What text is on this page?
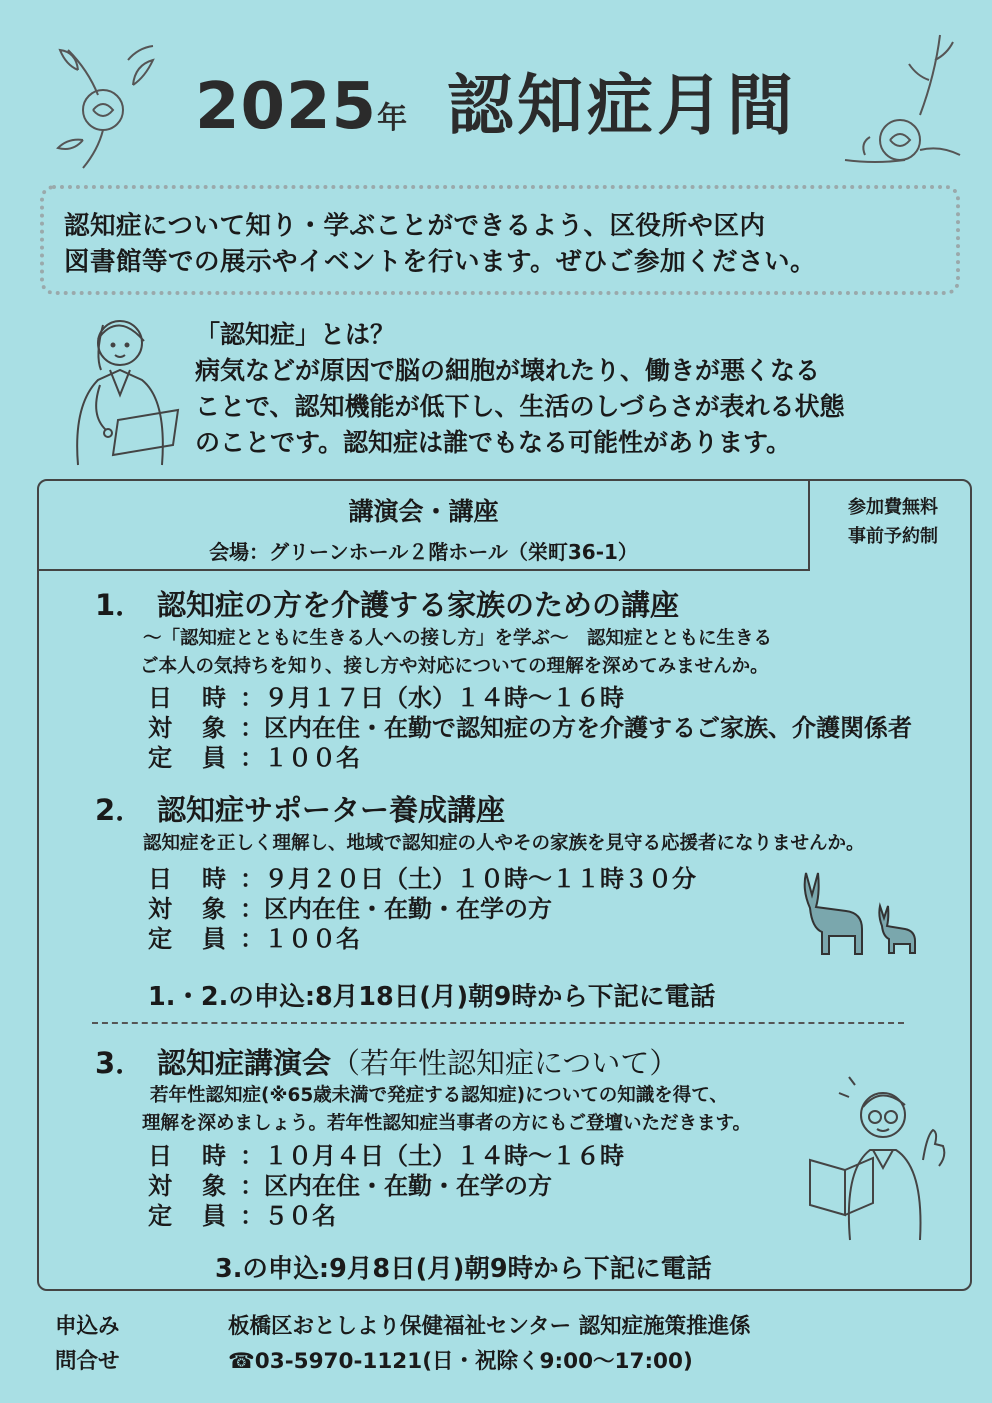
2025年 認知症月間
認知症について知り・学ぶことができるよう、区役所や区内
図書館等での展示やイベントを行います。ぜひご参加ください。
「認知症」とは？
病気などが原因で脳の細胞が壊れたり、働きが悪くなる
ことで、認知機能が低下し、生活のしづらさが表れる状態
のことです。認知症は誰でもなる可能性があります。
講演会・講座
会場：グリーンホール２階ホール（栄町36-1）
参加費無料
事前予約制
1． 認知症の方を介護する家族のための講座
～「認知症とともに生きる人への接し方」を学ぶ～　認知症とともに生きる
ご本人の気持ちを知り、接し方や対応についての理解を深めてみませんか。
日時：９月１７日（水）１４時～１６時
対象：区内在住・在勤で認知症の方を介護するご家族、介護関係者
定員：１００名
2． 認知症サポーター養成講座
認知症を正しく理解し、地域で認知症の人やその家族を見守る応援者になりませんか。
日時：９月２０日（土）１０時～１１時３０分
対象：区内在住・在勤・在学の方
定員：１００名
1.・2.の申込:8月18日(月)朝9時から下記に電話
3． 認知症講演会（若年性認知症について）
若年性認知症(※65歳未満で発症する認知症)についての知識を得て、
理解を深めましょう。若年性認知症当事者の方にもご登壇いただきます。
日時：１０月４日（土）１４時～１６時
対象：区内在住・在勤・在学の方
定員：５０名
3.の申込:9月8日(月)朝9時から下記に電話
申込み
問合せ
板橋区おとしより保健福祉センター 認知症施策推進係
☎03-5970-1121(日・祝除く9:00～17:00)
